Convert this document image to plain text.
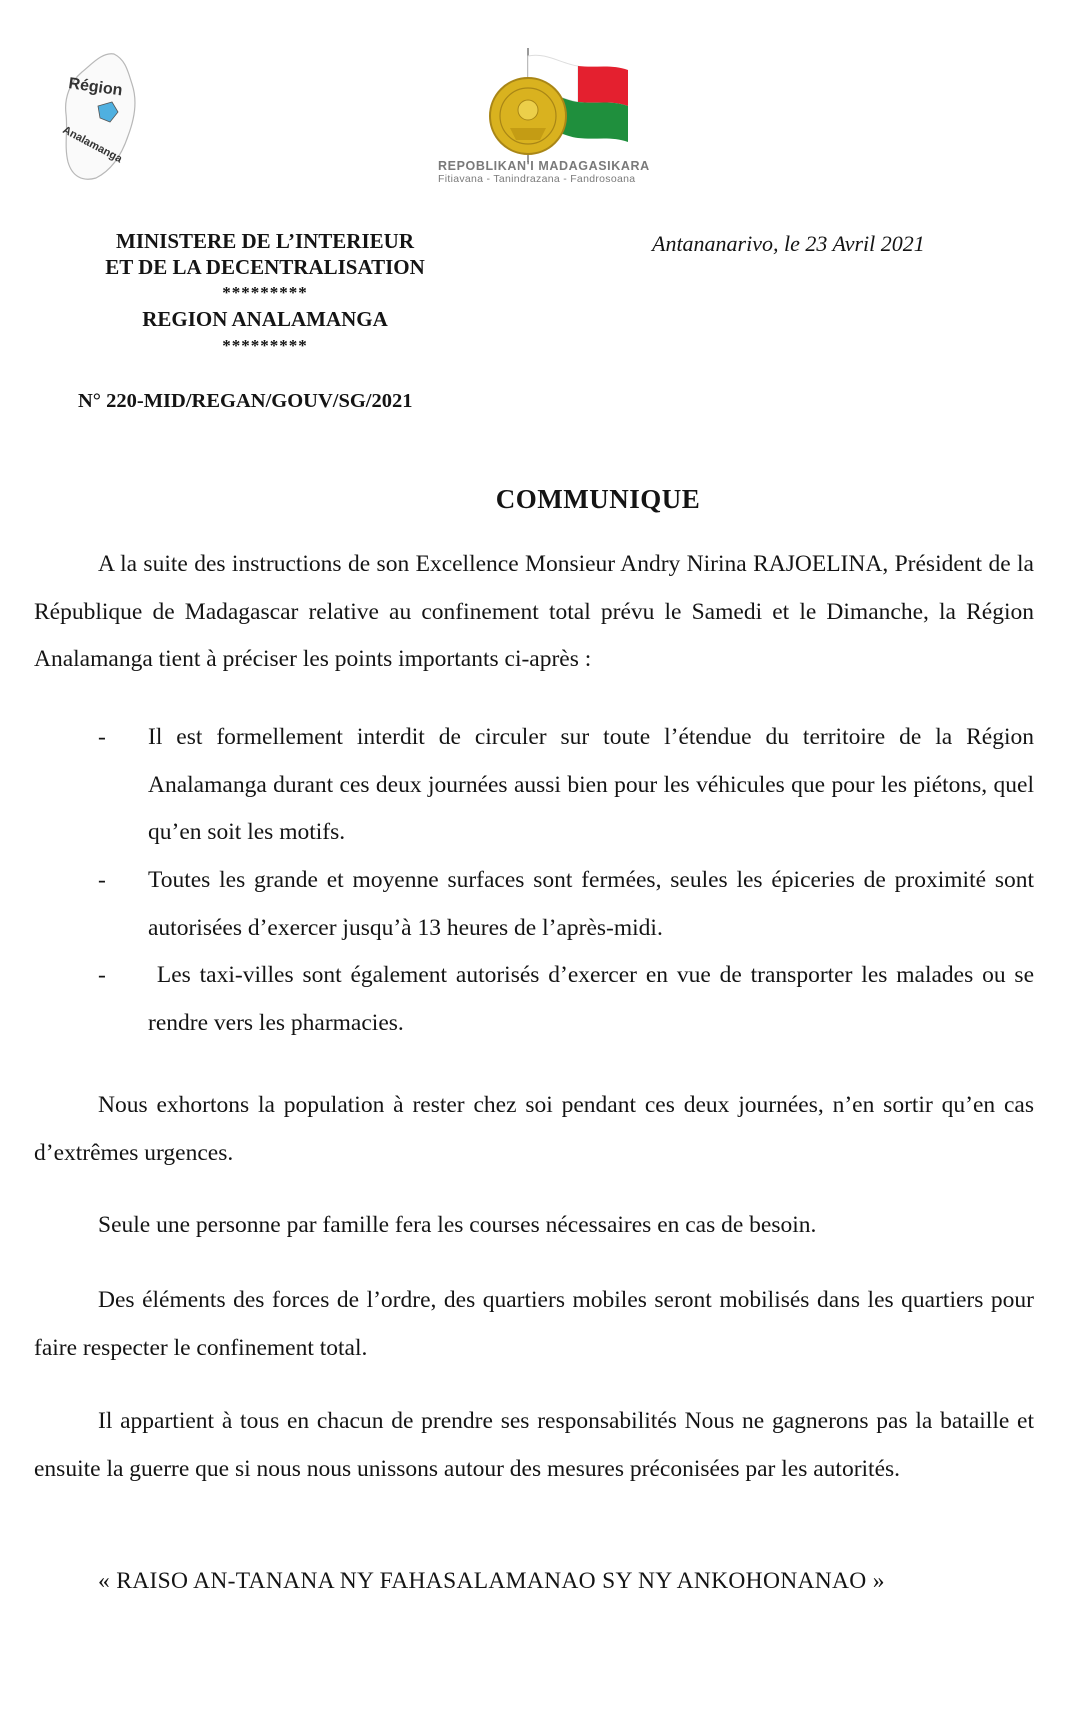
Région
Analamanga
REPOBLIKAN'I MADAGASIKARA
Fitiavana - Tanindrazana - Fandrosoana
MINISTERE DE L’INTERIEUR
ET DE LA DECENTRALISATION
*********
REGION ANALAMANGA
*********
N° 220-MID/REGAN/GOUV/SG/2021
Antananarivo, le 23 Avril 2021
COMMUNIQUE
A la suite des instructions de son Excellence Monsieur Andry Nirina RAJOELINA, Président de la République de Madagascar relative au confinement total prévu le Samedi et le Dimanche, la Région Analamanga tient à préciser les points importants ci-après :
- Il est formellement interdit de circuler sur toute l’étendue du territoire de la Région Analamanga durant ces deux journées aussi bien pour les véhicules que pour les piétons, quel qu’en soit les motifs.
- Toutes les grande et moyenne surfaces sont fermées, seules les épiceries de proximité sont autorisées d’exercer jusqu’à 13 heures de l’après-midi.
- Les taxi-villes sont également autorisés d’exercer en vue de transporter les malades ou se rendre vers les pharmacies.
Nous exhortons la population à rester chez soi pendant ces deux journées, n’en sortir qu’en cas d’extrêmes urgences.
Seule une personne par famille fera les courses nécessaires en cas de besoin.
Des éléments des forces de l’ordre, des quartiers mobiles seront mobilisés dans les quartiers pour faire respecter le confinement total.
Il appartient à tous en chacun de prendre ses responsabilités Nous ne gagnerons pas la bataille et ensuite la guerre que si nous nous unissons autour des mesures préconisées par les autorités.
« RAISO AN-TANANA NY FAHASALAMANAO SY NY ANKOHONANAO »
